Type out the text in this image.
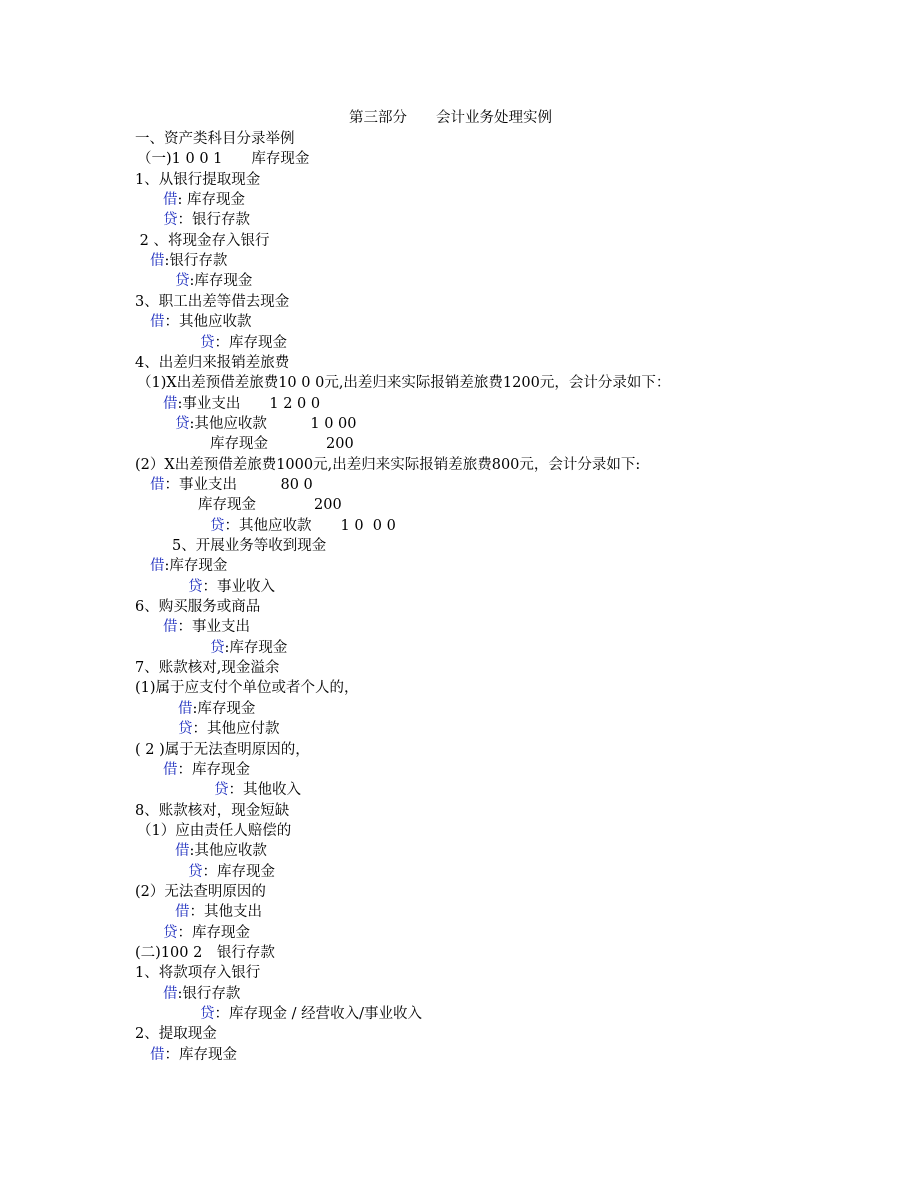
第三部分　　会计业务处理实例
一、资产类科目分录举例
（一)1 0 0 1　　库存现金
1、从银行提取现金
借: 库存现金
贷：银行存款
2 、将现金存入银行
借:银行存款
贷:库存现金
3、职工出差等借去现金
借：其他应收款
贷：库存现金
4、出差归来报销差旅费
（1)X出差预借差旅费10 0 0元,出差归来实际报销差旅费1200元，会计分录如下：
借:事业支出　　1 2 0 0
贷:其他应收款　　　1 0 00
库存现金　　　　200
(2）X出差预借差旅费1000元,出差归来实际报销差旅费800元，会计分录如下:
借：事业支出　　　80 0
库存现金　　　　200
贷：其他应收款　　1 0  0 0
5、开展业务等收到现金
借:库存现金
贷：事业收入
6、购买服务或商品
借：事业支出
贷:库存现金
7、账款核对,现金溢余
(1)属于应支付个单位或者个人的，
借:库存现金
贷：其他应付款
( 2 )属于无法查明原因的，
借：库存现金
贷：其他收入
8、账款核对，现金短缺
（1）应由责任人赔偿的
借:其他应收款
贷：库存现金
(2）无法查明原因的
借：其他支出
贷：库存现金
(二)100 2　银行存款
1、将款项存入银行
借:银行存款
贷：库存现金 / 经营收入/事业收入
2、提取现金
借：库存现金
